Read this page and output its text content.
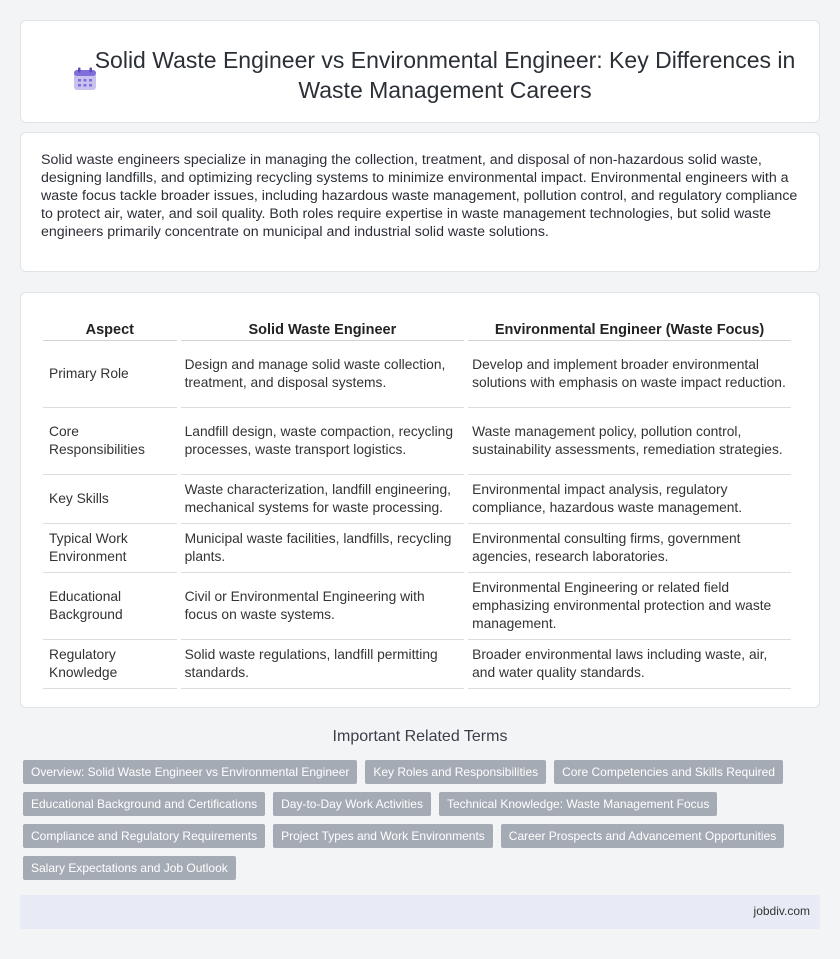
Solid Waste Engineer vs Environmental Engineer: Key Differences in Waste Management Careers

Solid waste engineers specialize in managing the collection, treatment, and disposal of non-hazardous solid waste, designing landfills, and optimizing recycling systems to minimize environmental impact. Environmental engineers with a waste focus tackle broader issues, including hazardous waste management, pollution control, and regulatory compliance to protect air, water, and soil quality. Both roles require expertise in waste management technologies, but solid waste engineers primarily concentrate on municipal and industrial solid waste solutions.

Aspect	Solid Waste Engineer	Environmental Engineer (Waste Focus)
Primary Role	Design and manage solid waste collection, treatment, and disposal systems.	Develop and implement broader environmental solutions with emphasis on waste impact reduction.
Core Responsibilities	Landfill design, waste compaction, recycling processes, waste transport logistics.	Waste management policy, pollution control, sustainability assessments, remediation strategies.
Key Skills	Waste characterization, landfill engineering, mechanical systems for waste processing.	Environmental impact analysis, regulatory compliance, hazardous waste management.
Typical Work Environment	Municipal waste facilities, landfills, recycling plants.	Environmental consulting firms, government agencies, research laboratories.
Educational Background	Civil or Environmental Engineering with focus on waste systems.	Environmental Engineering or related field emphasizing environmental protection and waste management.
Regulatory Knowledge	Solid waste regulations, landfill permitting standards.	Broader environmental laws including waste, air, and water quality standards.
Important Related Terms
Overview: Solid Waste Engineer vs Environmental Engineer	Key Roles and Responsibilities	Core Competencies and Skills Required
Educational Background and Certifications	Day-to-Day Work Activities	Technical Knowledge: Waste Management Focus
Compliance and Regulatory Requirements	Project Types and Work Environments	Career Prospects and Advancement Opportunities
Salary Expectations and Job Outlook
jobdiv.com
